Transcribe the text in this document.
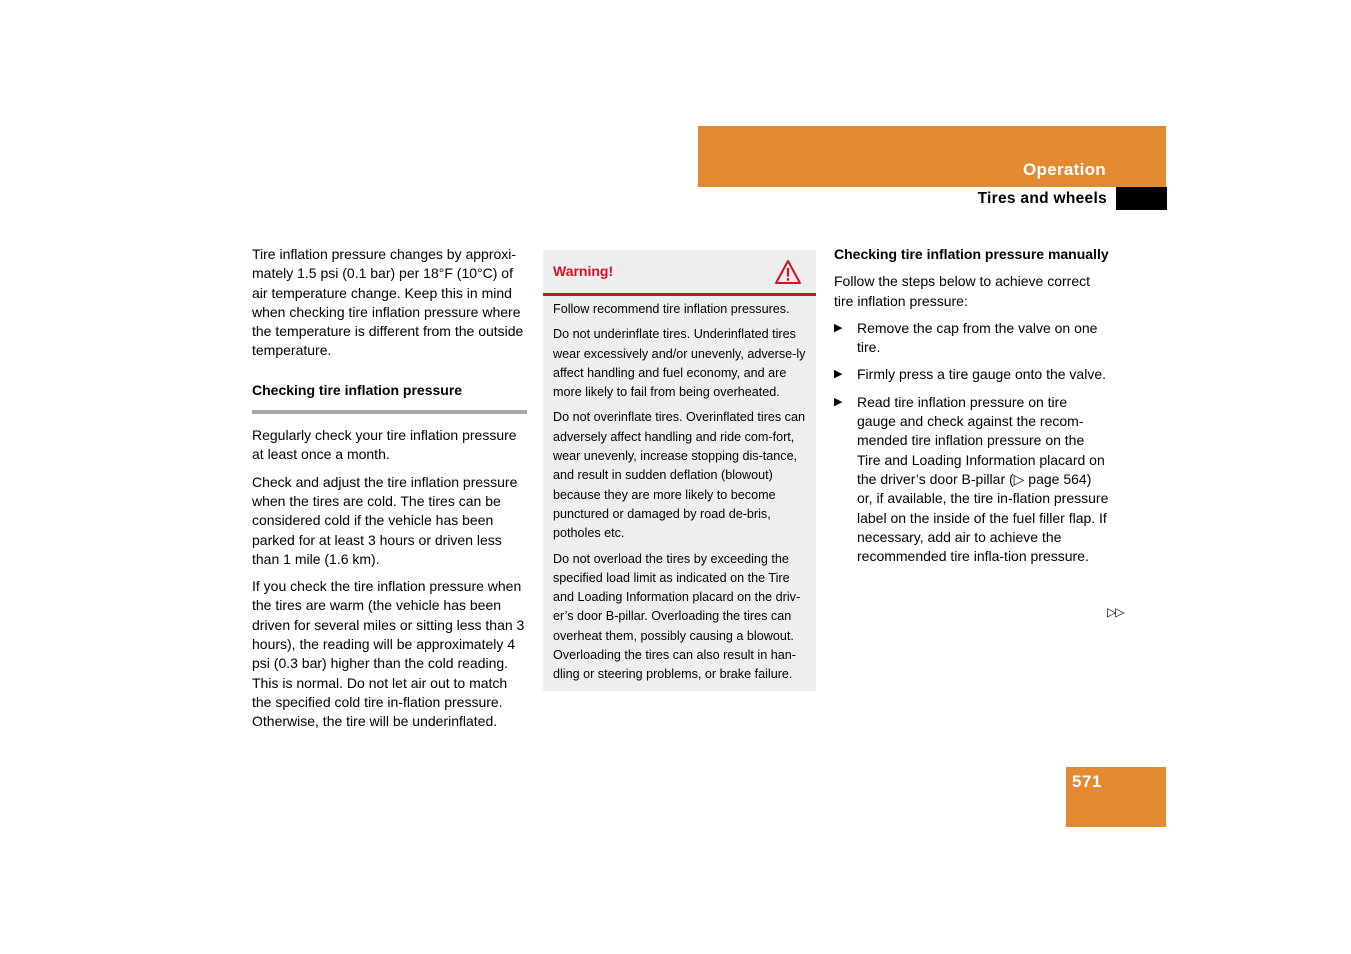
Operation
Tires and wheels

Tire inflation pressure changes by approxi-mately 1.5 psi (0.1 bar) per 18°F (10°C) of air temperature change. Keep this in mind when checking tire inflation pressure where the temperature is different from the outside temperature.

Checking tire inflation pressure

Regularly check your tire inflation pressure at least once a month.

Check and adjust the tire inflation pressure when the tires are cold. The tires can be considered cold if the vehicle has been parked for at least 3 hours or driven less than 1 mile (1.6 km).

If you check the tire inflation pressure when the tires are warm (the vehicle has been driven for several miles or sitting less than 3 hours), the reading will be approximately 4 psi (0.3 bar) higher than the cold reading. This is normal. Do not let air out to match the specified cold tire in-flation pressure. Otherwise, the tire will be underinflated.

Warning!

Follow recommend tire inflation pressures.

Do not underinflate tires. Underinflated tires wear excessively and/or unevenly, adverse-ly affect handling and fuel economy, and are more likely to fail from being overheated.

Do not overinflate tires. Overinflated tires can adversely affect handling and ride com-fort, wear unevenly, increase stopping dis-tance, and result in sudden deflation (blowout) because they are more likely to become punctured or damaged by road de-bris, potholes etc.

Do not overload the tires by exceeding the specified load limit as indicated on the Tire and Loading Information placard on the driv-er’s door B-pillar. Overloading the tires can overheat them, possibly causing a blowout. Overloading the tires can also result in han-dling or steering problems, or brake failure.

Checking tire inflation pressure manually

Follow the steps below to achieve correct tire inflation pressure:

▶ Remove the cap from the valve on one tire.
▶ Firmly press a tire gauge onto the valve.
▶ Read tire inflation pressure on tire gauge and check against the recom-mended tire inflation pressure on the Tire and Loading Information placard on the driver’s door B-pillar (▷ page 564) or, if available, the tire in-flation pressure label on the inside of the fuel filler flap. If necessary, add air to achieve the recommended tire infla-tion pressure.
▷▷
571
